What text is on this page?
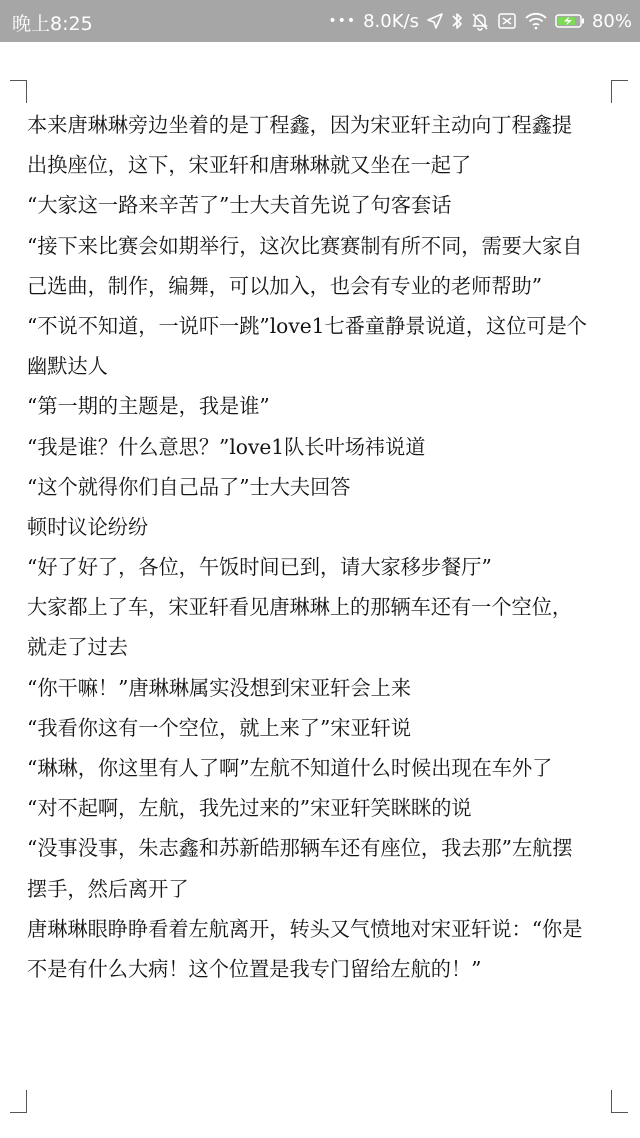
晚上8:25	••• 8.0K/s	80%
本来唐琳琳旁边坐着的是丁程鑫，因为宋亚轩主动向丁程鑫提
出换座位，这下，宋亚轩和唐琳琳就又坐在一起了
“大家这一路来辛苦了”士大夫首先说了句客套话
“接下来比赛会如期举行，这次比赛赛制有所不同，需要大家自
己选曲，制作，编舞，可以加入，也会有专业的老师帮助”
“不说不知道，一说吓一跳”love1七番童静景说道，这位可是个
幽默达人
“第一期的主题是，我是谁”
“我是谁？什么意思？”love1队长叶场祎说道
“这个就得你们自己品了”士大夫回答
顿时议论纷纷
“好了好了，各位，午饭时间已到，请大家移步餐厅”
大家都上了车，宋亚轩看见唐琳琳上的那辆车还有一个空位，
就走了过去
“你干嘛！”唐琳琳属实没想到宋亚轩会上来
“我看你这有一个空位，就上来了”宋亚轩说
“琳琳，你这里有人了啊”左航不知道什么时候出现在车外了
“对不起啊，左航，我先过来的”宋亚轩笑眯眯的说
“没事没事，朱志鑫和苏新皓那辆车还有座位，我去那”左航摆
摆手，然后离开了
唐琳琳眼睁睁看着左航离开，转头又气愤地对宋亚轩说：“你是
不是有什么大病！这个位置是我专门留给左航的！”
